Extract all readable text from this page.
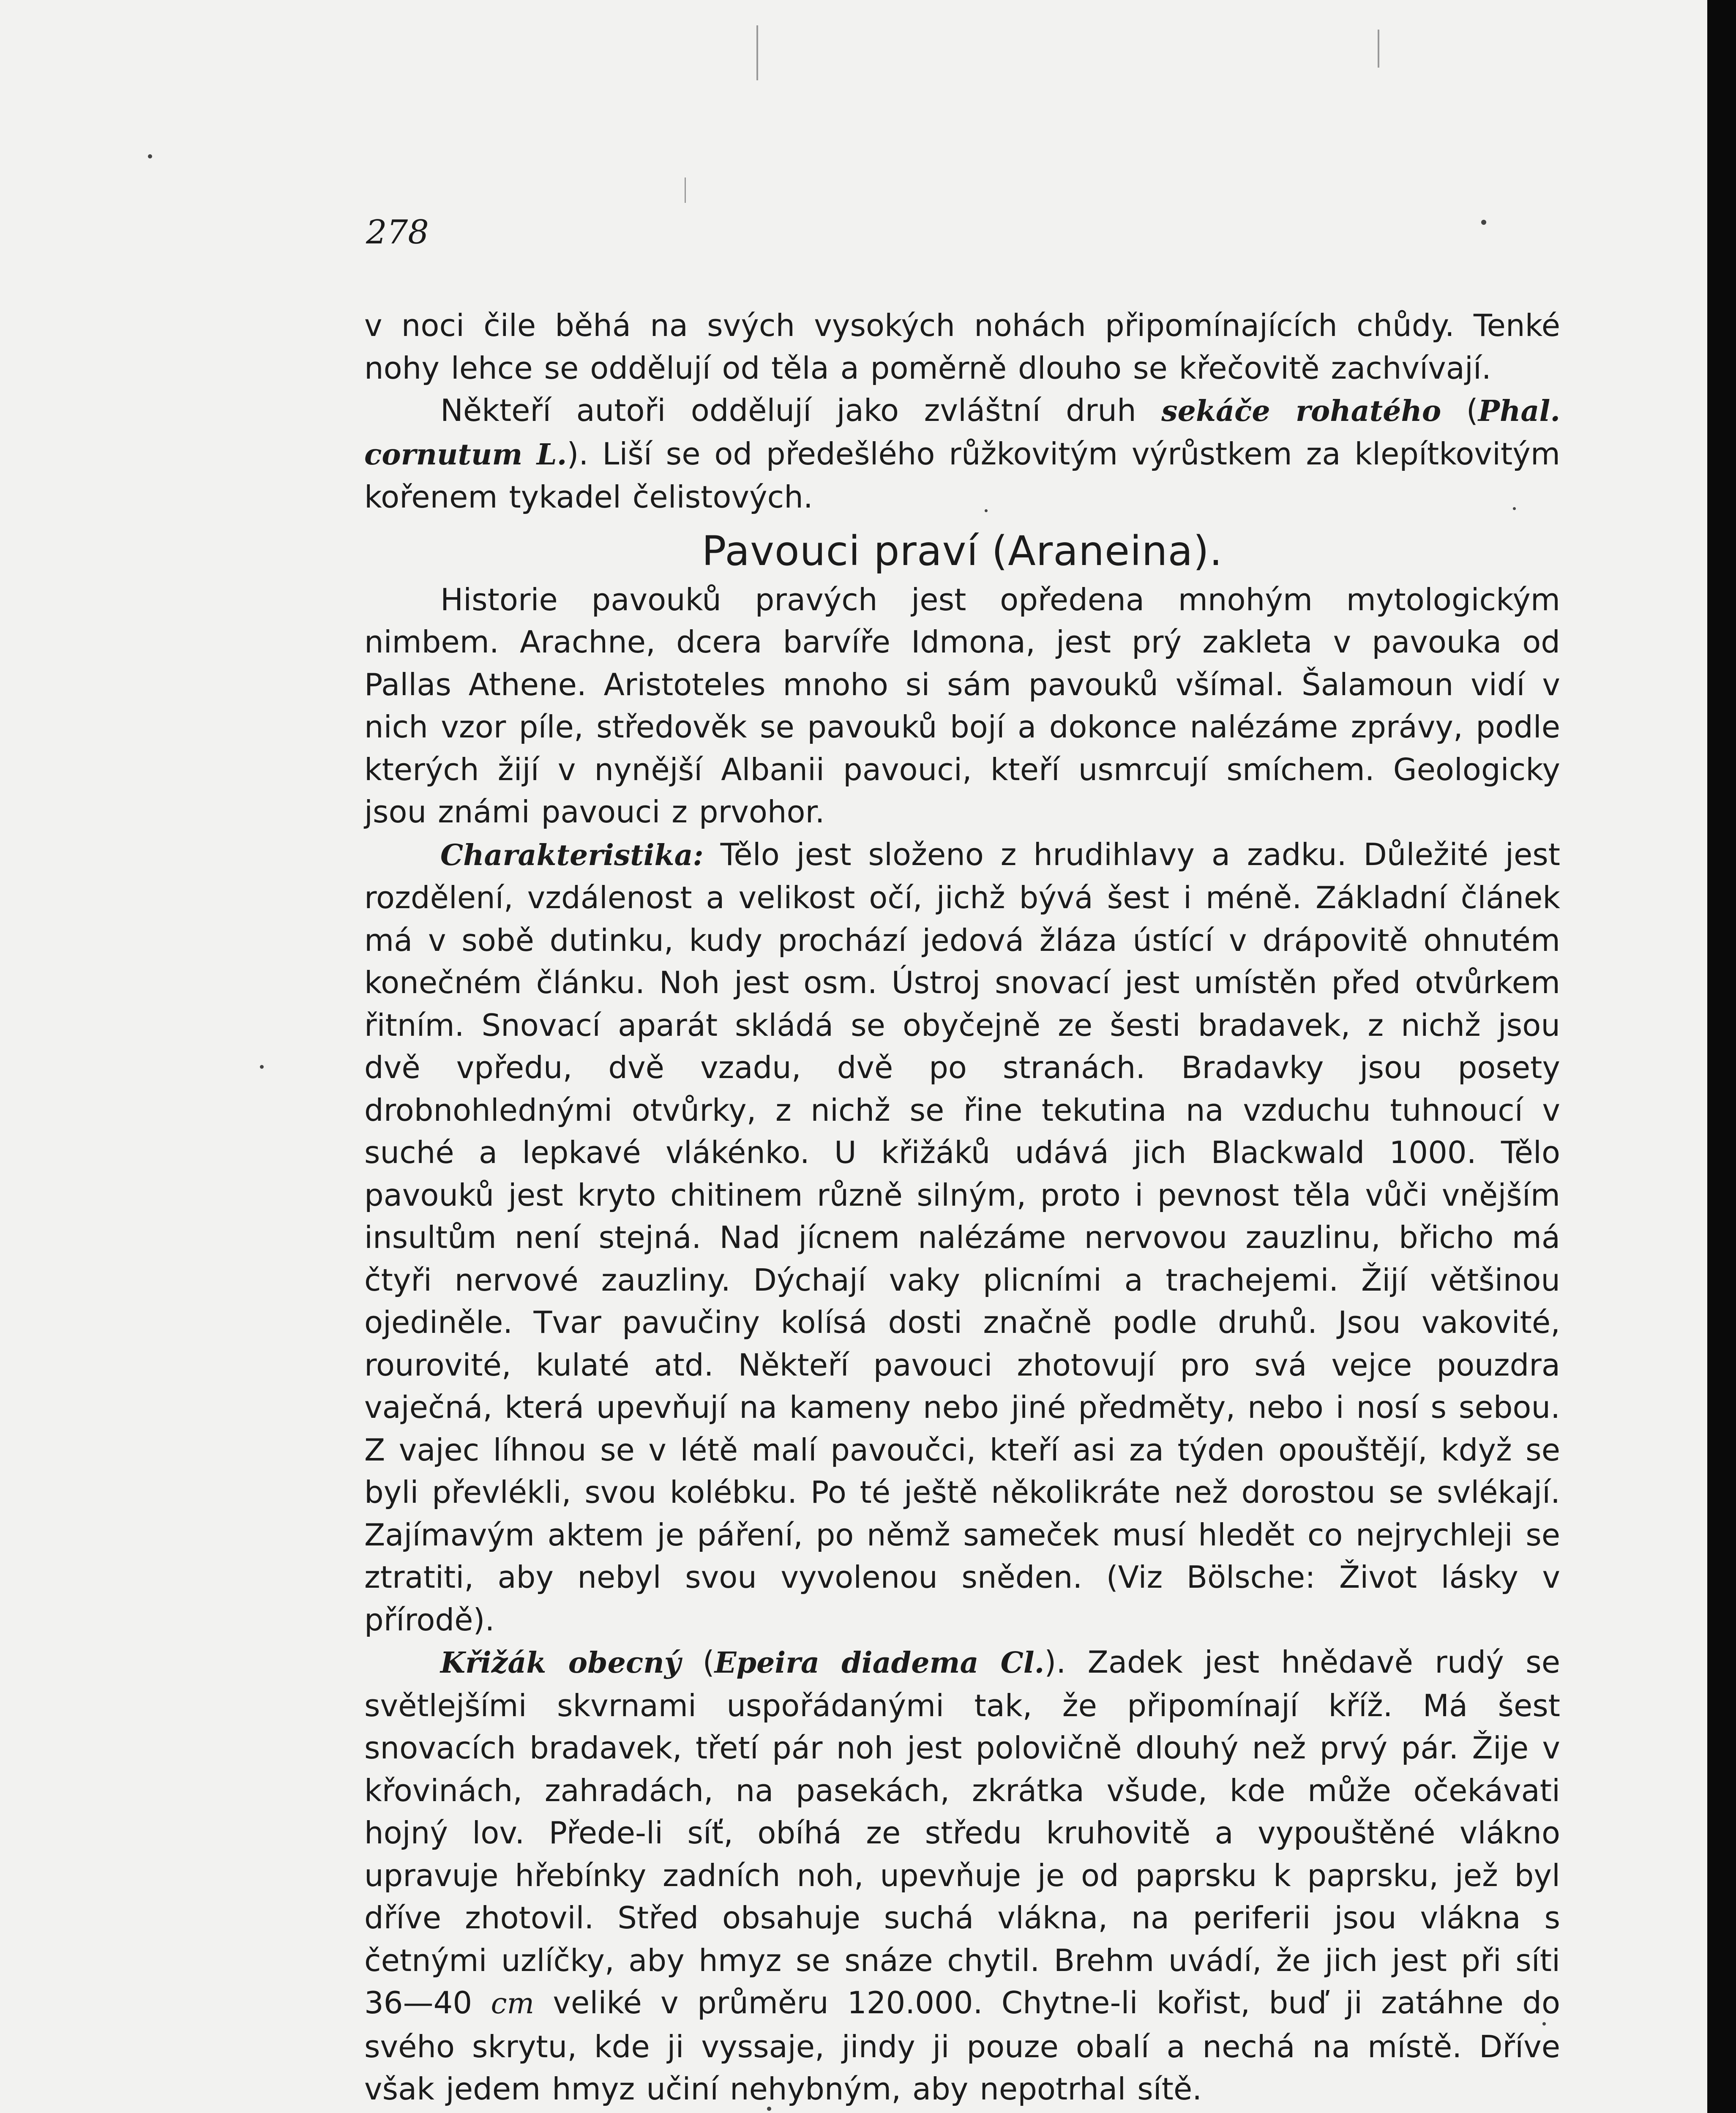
278

v noci čile běhá na svých vysokých nohách připomínajících chůdy. Tenké nohy lehce se oddělují od těla a poměrně dlouho se křečovitě zachvívají.

Někteří autoři oddělují jako zvláštní druh sekáče rohatého (Phal. cornutum L.). Liší se od předešlého růžkovitým výrůstkem za klepítkovitým kořenem tykadel čelistových.

Pavouci praví (Araneina).

Historie pavouků pravých jest opředena mnohým mytologickým nimbem. Arachne, dcera barvíře Idmona, jest prý zakleta v pavouka od Pallas Athene. Aristoteles mnoho si sám pavouků všímal. Šalamoun vidí v nich vzor píle, středověk se pavouků bojí a dokonce nalézáme zprávy, podle kterých žijí v nynější Albanii pavouci, kteří usmrcují smíchem. Geologicky jsou známi pavouci z prvohor.

Charakteristika: Tělo jest složeno z hrudihlavy a zadku. Důležité jest rozdělení, vzdálenost a velikost očí, jichž bývá šest i méně. Základní článek má v sobě dutinku, kudy prochází jedová žláza ústící v drápovitě ohnutém konečném článku. Noh jest osm. Ústroj snovací jest umístěn před otvůrkem řitním. Snovací aparát skládá se obyčejně ze šesti bradavek, z nichž jsou dvě vpředu, dvě vzadu, dvě po stranách. Bradavky jsou posety drobnohlednými otvůrky, z nichž se řine tekutina na vzduchu tuhnoucí v suché a lepkavé vlákénko. U křižáků udává jich Blackwald 1000. Tělo pavouků jest kryto chitinem různě silným, proto i pevnost těla vůči vnějším insultům není stejná. Nad jícnem nalézáme nervovou zauzlinu, břicho má čtyři nervové zauzliny. Dýchají vaky plicními a trachejemi. Žijí většinou ojediněle. Tvar pavučiny kolísá dosti značně podle druhů. Jsou vakovité, rourovité, kulaté atd. Někteří pavouci zhotovují pro svá vejce pouzdra vaječná, která upevňují na kameny nebo jiné předměty, nebo i nosí s sebou. Z vajec líhnou se v létě malí pavoučci, kteří asi za týden opouštějí, když se byli převlékli, svou kolébku. Po té ještě několikráte než dorostou se svlékají. Zajímavým aktem je páření, po němž sameček musí hledět co nejrychleji se ztratiti, aby nebyl svou vyvolenou sněden. (Viz Bölsche: Život lásky v přírodě).

Křižák obecný (Epeira diadema Cl.). Zadek jest hnědavě rudý se světlejšími skvrnami uspořádanými tak, že připomínají kříž. Má šest snovacích bradavek, třetí pár noh jest polovičně dlouhý než prvý pár. Žije v křovinách, zahradách, na pasekách, zkrátka všude, kde může očekávati hojný lov. Přede-li síť, obíhá ze středu kruhovitě a vypouštěné vlákno upravuje hřebínky zadních noh, upevňuje je od paprsku k paprsku, jež byl dříve zhotovil. Střed obsahuje suchá vlákna, na periferii jsou vlákna s četnými uzlíčky, aby hmyz se snáze chytil. Brehm uvádí, že jich jest při síti 36—40 cm veliké v průměru 120.000. Chytne-li kořist, buď ji zatáhne do svého skrytu, kde ji vyssaje, jindy ji pouze obalí a nechá na místě. Dříve však jedem hmyz učiní nehybným, aby nepotrhal sítě.
